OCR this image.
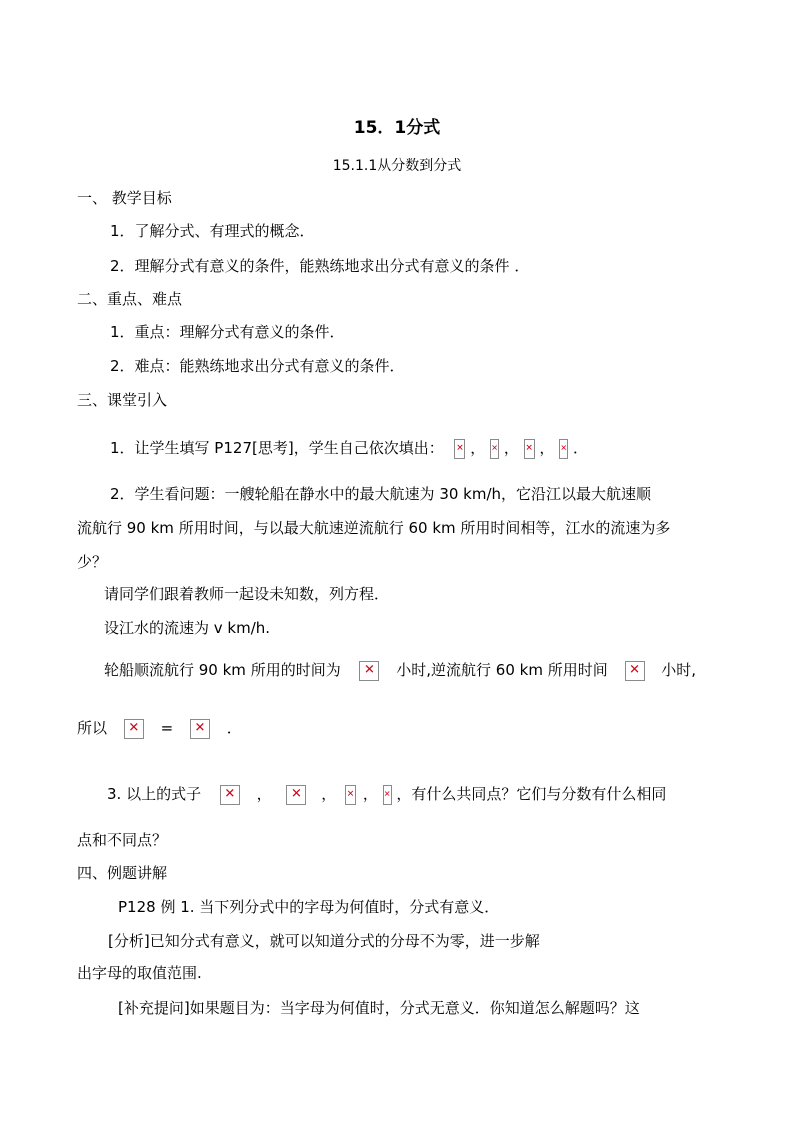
15．1分式
15.1.1从分数到分式
一、 教学目标
1．了解分式、有理式的概念．
2．理解分式有意义的条件，能熟练地求出分式有意义的条件 ．
二、重点、难点
1．重点：理解分式有意义的条件．
2．难点：能熟练地求出分式有意义的条件．
三、课堂引入
1．让学生填写 P127[思考]，学生自己依次填出： ✕ ， ✕ ， ✕ ， ✕ ．
2．学生看问题：一艘轮船在静水中的最大航速为 30 km/h，它沿江以最大航速顺
流航行 90 km 所用时间，与以最大航速逆流航行 60 km 所用时间相等，江水的流速为多
少？
请同学们跟着教师一起设未知数，列方程．
设江水的流速为 v km/h.
轮船顺流航行 90 km 所用的时间为 ✕ 小时,逆流航行 60 km 所用时间 ✕ 小时,
所以 ✕ = ✕ ．
3. 以上的式子 ✕ ， ✕ ， ✕ ， ✕ ，有什么共同点？它们与分数有什么相同
点和不同点？
四、例题讲解
P128 例 1. 当下列分式中的字母为何值时，分式有意义．
[分析]已知分式有意义，就可以知道分式的分母不为零，进一步解
出字母的取值范围.
[补充提问]如果题目为：当字母为何值时，分式无意义．你知道怎么解题吗？这
